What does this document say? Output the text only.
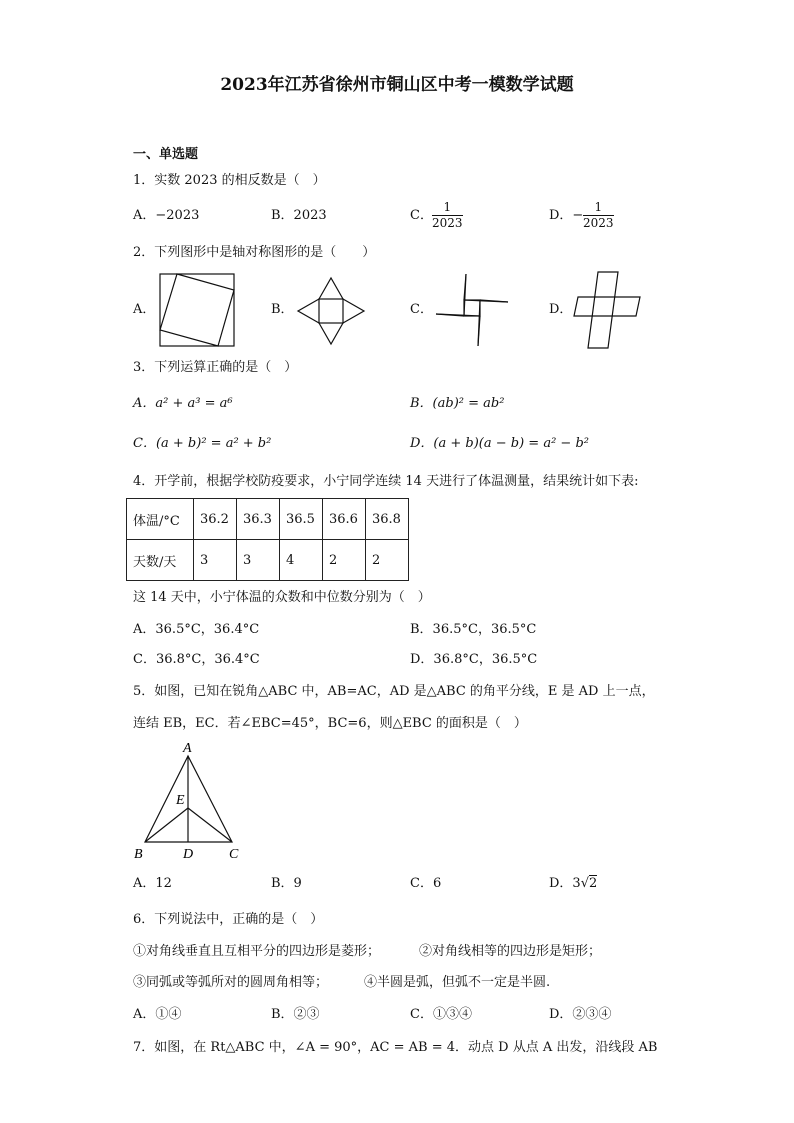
2023年江苏省徐州市铜山区中考一模数学试题
一、单选题
1．实数 2023 的相反数是（　）
A．−2023	B．2023	C． $\frac{1}{2023}$	D．− $\frac{1}{2023}$
2．下列图形中是轴对称图形的是（　　）
A．	B．	C．	D．
3．下列运算正确的是（　）
A．a² + a³ = a⁶	B．(ab)² = ab²
C．(a + b)² = a² + b²	D．(a + b)(a − b) = a² − b²
4．开学前，根据学校防疫要求，小宁同学连续 14 天进行了体温测量，结果统计如下表:
体温/°C	36.2	36.3	36.5	36.6	36.8
天数/天	3	3	4	2	2
这 14 天中，小宁体温的众数和中位数分别为（　）
A．36.5°C，36.4°C	B．36.5°C，36.5°C
C．36.8°C，36.4°C	D．36.8°C，36.5°C
5．如图，已知在锐角△ABC 中，AB=AC，AD 是△ABC 的角平分线，E 是 AD 上一点，
连结 EB，EC．若∠EBC=45°，BC=6，则△EBC 的面积是（　）
A
E
B	D	C
A．12	B．9	C．6	D．3√2
6．下列说法中，正确的是（　）
①对角线垂直且互相平分的四边形是菱形；	②对角线相等的四边形是矩形；
③同弧或等弧所对的圆周角相等；	④半圆是弧，但弧不一定是半圆.
A．①④	B．②③	C．①③④	D．②③④
7．如图，在 Rt△ABC 中，∠A = 90°，AC = AB = 4．动点 D 从点 A 出发，沿线段 AB
